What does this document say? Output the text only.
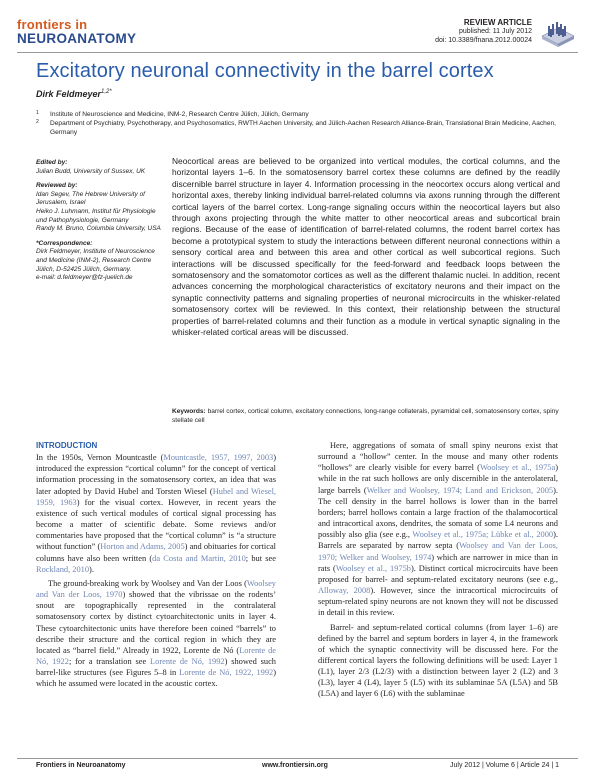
frontiers in
NEUROANATOMY
REVIEW ARTICLE
published: 11 July 2012
doi: 10.3389/fnana.2012.00024
Excitatory neuronal connectivity in the barrel cortex
Dirk Feldmeyer$^{1,2*}$
1 Institute of Neuroscience and Medicine, INM-2, Research Centre Jülich, Jülich, Germany
2 Department of Psychiatry, Psychotherapy, and Psychosomatics, RWTH Aachen University, and Jülich-Aachen Research Alliance-Brain, Translational Brain Medicine, Aachen, Germany
Edited by:
Julian Budd, University of Sussex, UK
Reviewed by:
Idan Segev, The Hebrew University of Jerusalem, Israel
Heiko J. Luhmann, Institut für Physiologie und Pathophysiologie, Germany
Randy M. Bruno, Columbia University, USA
*Correspondence:
Dirk Feldmeyer, Institute of Neuroscience and Medicine (INM-2), Research Centre Jülich, D-52425 Jülich, Germany.
e-mail: d.feldmeyer@fz-juelich.de
Neocortical areas are believed to be organized into vertical modules, the cortical columns, and the horizontal layers 1–6. In the somatosensory barrel cortex these columns are defined by the readily discernible barrel structure in layer 4. Information processing in the neocortex occurs along vertical and horizontal axes, thereby linking individual barrel-related columns via axons running through the different cortical layers of the barrel cortex. Long-range signaling occurs within the neocortical layers but also through axons projecting through the white matter to other neocortical areas and subcortical brain regions. Because of the ease of identification of barrel-related columns, the rodent barrel cortex has become a prototypical system to study the interactions between different neuronal connections within a sensory cortical area and between this area and other cortical as well subcortical regions. Such interactions will be discussed specifically for the feed-forward and feedback loops between the somatosensory and the somatomotor cortices as well as the different thalamic nuclei. In addition, recent advances concerning the morphological characteristics of excitatory neurons and their impact on the synaptic connectivity patterns and signaling properties of neuronal microcircuits in the whisker-related somatosensory cortex will be reviewed. In this context, their relationship between the structural properties of barrel-related columns and their function as a module in vertical synaptic signaling in the whisker-related cortical areas will be discussed.
Keywords: barrel cortex, cortical column, excitatory connections, long-range collaterals, pyramidal cell, somatosensory cortex, spiny stellate cell
INTRODUCTION

In the 1950s, Vernon Mountcastle (Mountcastle, 1957, 1997, 2003) introduced the expression “cortical column” for the concept of vertical information processing in the somatosensory cortex, an idea that was later adopted by David Hubel and Torsten Wiesel (Hubel and Wiesel, 1959, 1963) for the visual cortex. However, in recent years the existence of such vertical modules of cortical signal processing has become a matter of scientific debate. Some reviews and/or commentaries have proposed that the “cortical column” is “a structure without function” (Horton and Adams, 2005) and obituaries for cortical columns have also been written (da Costa and Martin, 2010; but see Rockland, 2010).

The ground-breaking work by Woolsey and Van der Loos (Woolsey and Van der Loos, 1970) showed that the vibrissae on the rodents’ snout are topographically represented in the contralateral somatosensory cortex by distinct cytoarchitectonic units in layer 4. These cytoarchitectonic units have therefore been coined “barrels” to describe their structure and the cortical region in which they are located as “barrel field.” Already in 1922, Lorente de Nó (Lorente de Nó, 1922; for a translation see Lorente de Nó, 1992) showed such barrel-like structures (see Figures 5–8 in Lorente de Nó, 1922, 1992) which he assumed were located in the acoustic cortex.

Here, aggregations of somata of small spiny neurons exist that surround a “hollow” center. In the mouse and many other rodents “hollows” are clearly visible for every barrel (Woolsey et al., 1975a) while in the rat such hollows are only discernible in the anterolateral, large barrels (Welker and Woolsey, 1974; Land and Erickson, 2005). The cell density in the barrel hollows is lower than in the barrel borders; barrel hollows contain a large fraction of the thalamocortical and intracortical axons, dendrites, the somata of some L4 neurons and possibly also glia (see e.g., Woolsey et al., 1975a; Lübke et al., 2000). Barrels are separated by narrow septa (Woolsey and Van der Loos, 1970; Welker and Woolsey, 1974) which are narrower in mice than in rats (Woolsey et al., 1975b). Distinct cortical microcircuits have been proposed for barrel- and septum-related excitatory neurons (see e.g., Alloway, 2008). However, since the intracortical microcircuits of septum-related spiny neurons are not known they will not be discussed in detail in this review.

Barrel- and septum-related cortical columns (from layer 1–6) are defined by the barrel and septum borders in layer 4, in the framework of which the synaptic connectivity will be discussed here. For the different cortical layers the following definitions will be used: Layer 1 (L1), layer 2/3 (L2/3) with a distinction between layer 2 (L2) and 3 (L3), layer 4 (L4), layer 5 (L5) with its sublaminae 5A (L5A) and 5B (L5A) and layer 6 (L6) with the sublaminae

Frontiers in Neuroanatomy	www.frontiersin.org	July 2012 | Volume 6 | Article 24 | 1
